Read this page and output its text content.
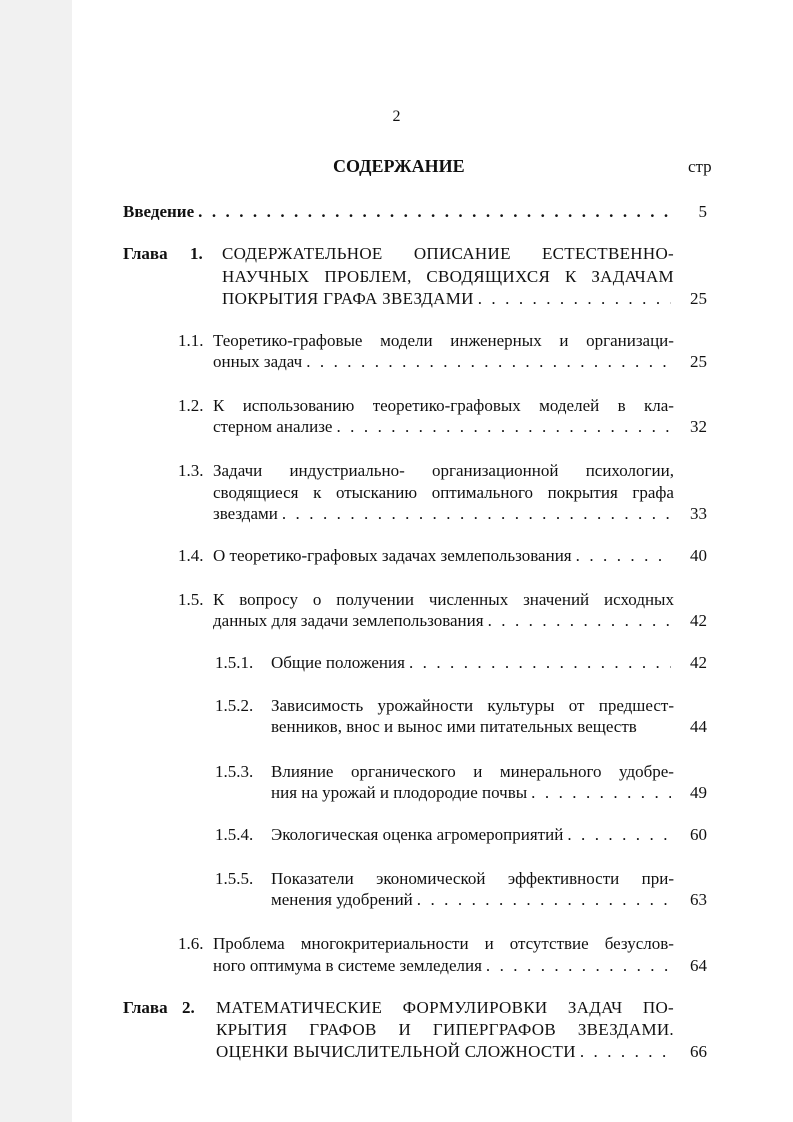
2
СОДЕРЖАНИЕ	стр
Введение . . .	5
Глава 1. СОДЕРЖАТЕЛЬНОЕ ОПИСАНИЕ ЕСТЕСТВЕННО-
НАУЧНЫХ ПРОБЛЕМ, СВОДЯЩИХСЯ К ЗАДАЧАМ
ПОКРЫТИЯ ГРАФА ЗВЕЗДАМИ . . .	25
1.1. Теоретико-графовые модели инженерных и организаци-
онных задач . . .	25
1.2. К использованию теоретико-графовых моделей в кла-
стерном анализе . . .	32
1.3. Задачи индустриально- организационной психологии,
сводящиеся к отысканию оптимального покрытия графа
звездами . . .	33
1.4. О теоретико-графовых задачах землепользования . . .	40
1.5. К вопросу о получении численных значений исходных
данных для задачи землепользования . . .	42
1.5.1. Общие положения . . .	42
1.5.2. Зависимость урожайности культуры от предшест-
венников, внос и вынос ими питательных веществ	44
1.5.3. Влияние органического и минерального удобре-
ния на урожай и плодородие почвы . . .	49
1.5.4. Экологическая оценка агромероприятий . . .	60
1.5.5. Показатели экономической эффективности при-
менения удобрений . . .	63
1.6. Проблема многокритериальности и отсутствие безуслов-
ного оптимума в системе земледелия . . .	64
Глава 2. МАТЕМАТИЧЕСКИЕ ФОРМУЛИРОВКИ ЗАДАЧ ПО-
КРЫТИЯ ГРАФОВ И ГИПЕРГРАФОВ ЗВЕЗДАМИ.
ОЦЕНКИ ВЫЧИСЛИТЕЛЬНОЙ СЛОЖНОСТИ . . .	66
